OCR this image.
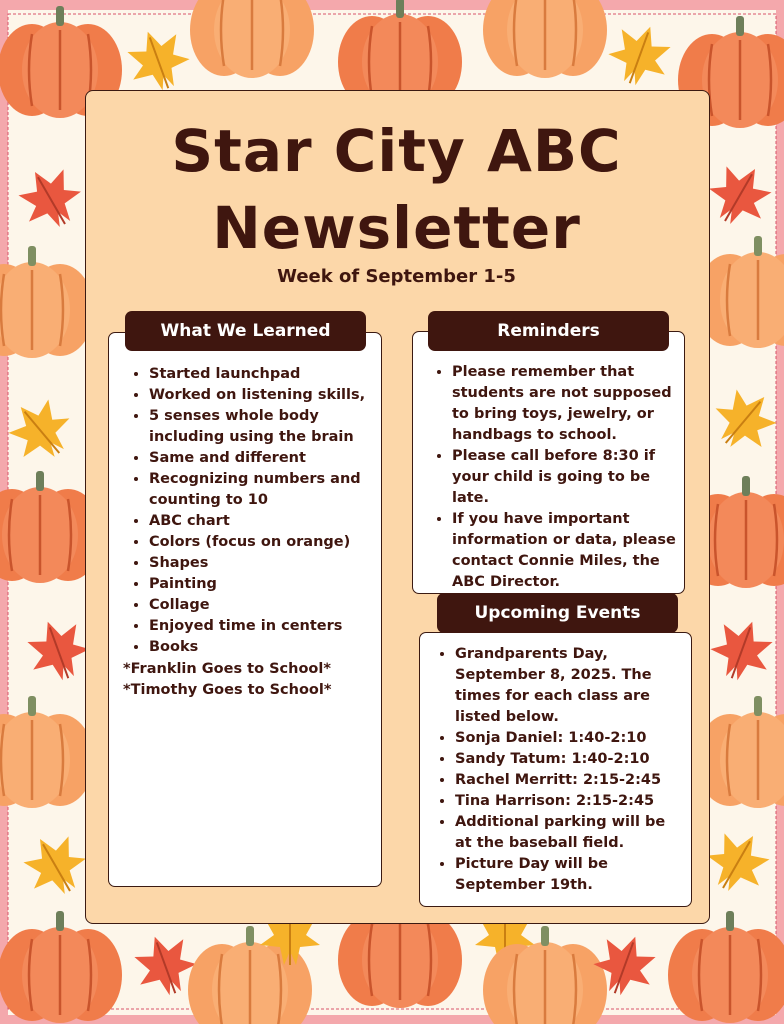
Star City ABC
Newsletter
Week of September 1-5
What We Learned
• Started launchpad
• Worked on listening skills,
• 5 senses whole body including using the brain
• Same and different
• Recognizing numbers and counting to 10
• ABC chart
• Colors (focus on orange)
• Shapes
• Painting
• Collage
• Enjoyed time in centers
• Books
*Franklin Goes to School*
*Timothy Goes to School*
Reminders
• Please remember that students are not supposed to bring toys, jewelry, or handbags to school.
• Please call before 8:30 if your child is going to be late.
• If you have important information or data, please contact Connie Miles, the ABC Director.
Upcoming Events
• Grandparents Day, September 8, 2025. The times for each class are listed below.
• Sonja Daniel: 1:40-2:10
• Sandy Tatum: 1:40-2:10
• Rachel Merritt: 2:15-2:45
• Tina Harrison: 2:15-2:45
• Additional parking will be at the baseball field.
• Picture Day will be September 19th.
